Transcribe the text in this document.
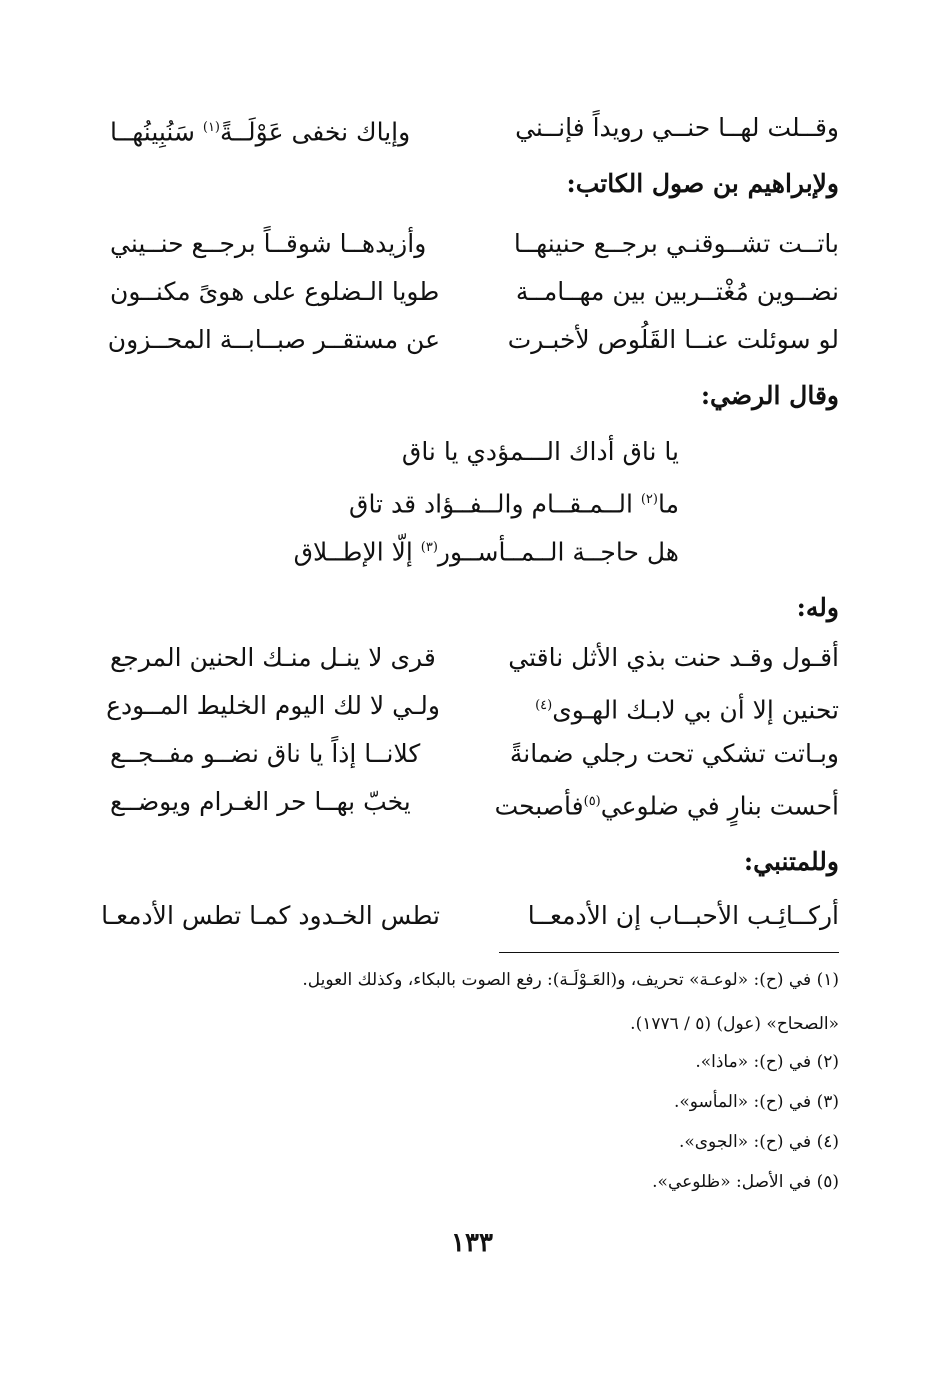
وقــلت لهــا حنــي رويداً فإنــني
وإياك نخفى عَوْلَــةً$^{(١)}$ سَنُبِينُهــا
ولإبراهيم بن صول الكاتب:
باتــت تشــوقنـي برجــع حنينهــا
وأزيدهــا شوقــاً برجــع حنــيني
نضــوين مُغْتــربين بين مهــامــة
طويا الـضلوع على هوىً مكنــون
لو سوئلت عنــا القَلُوص لأخبـرت
عن مستقــر صبــابــة المحــزون
وقال الرضي:
يا ناق أداك الـــمؤدي يا ناق
ما$^{(٢)}$ الــمـقــام والــفــؤاد قد تاق
هل حاجــة الــمــأســور$^{(٣)}$ إلّا الإطــلاق
وله:
أقـول وقـد حنت بذي الأثل ناقتي
قرى لا ينـل منـك الحنين المرجع
تحنين إلا أن بي لابـك الهـوى$^{(٤)}$
ولـي لا لك اليوم الخليط المــودع
وبـاتت تشكي تحت رجلي ضمانةً
كلانــا إذاً يا ناق نضــو مفــجــع
أحست بنارٍ في ضلوعي$^{(٥)}$فأصبحت
يخبّ بهــا حر الغـرام ويوضــع
وللمتنبي:
أركــائِـب الأحبــاب إن الأدمعــا
تطس الخـدود كمـا تطس الأدمعـا
(١) في (ح): «لوعـة» تحريف، و(العَـوْلَـة): رفع الصوت بالبكاء، وكذلك العويل.
«الصحاح» (عول) (٥ / ١٧٧٦).
(٢) في (ح): «ماذا».
(٣) في (ح): «المأسو».
(٤) في (ح): «الجوى».
(٥) في الأصل: «ظلوعي».
١٣٣
